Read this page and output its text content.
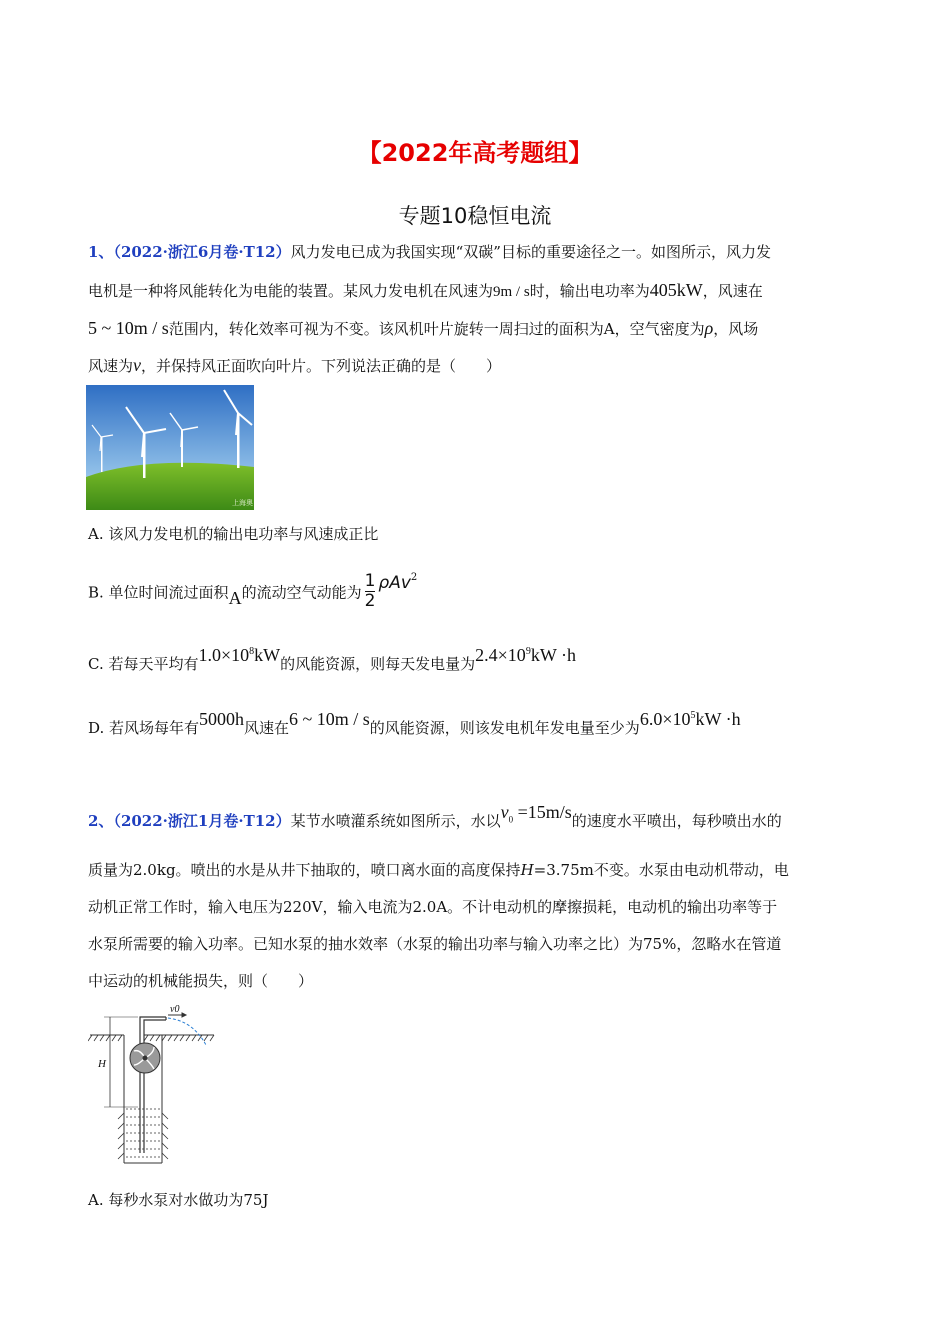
【2022年高考题组】
专题10稳恒电流
1、（2022·浙江6月卷·T12）风力发电已成为我国实现“双碳”目标的重要途径之一。如图所示，风力发
电机是一种将风能转化为电能的装置。某风力发电机在风速为9m / s时，输出电功率为405kW，风速在
5 ~ 10m / s范围内，转化效率可视为不变。该风机叶片旋转一周扫过的面积为A，空气密度为ρ，风场
风速为v，并保持风正面吹向叶片。下列说法正确的是（　　）
上海奥
A. 该风力发电机的输出电功率与风速成正比
B. 单位时间流过面积A的流动空气动能为 $\frac{1}{2} \rho Av^2$
C. 若每天平均有$1.0\times 10^8kW$的风能资源，则每天发电量为$2.4\times 10^9kW \cdot h$
D. 若风场每年有5000h风速在6 ~ 10m / s的风能资源，则该发电机年发电量至少为$6.0\times 10^5kW \cdot h$
2、（2022·浙江1月卷·T12）某节水喷灌系统如图所示，水以$v_0 =15m/s$的速度水平喷出，每秒喷出水的
质量为2.0kg。喷出的水是从井下抽取的，喷口离水面的高度保持H=3.75m不变。水泵由电动机带动，电
动机正常工作时，输入电压为220V，输入电流为2.0A。不计电动机的摩擦损耗，电动机的输出功率等于
水泵所需要的输入功率。已知水泵的抽水效率（水泵的输出功率与输入功率之比）为75%，忽略水在管道
中运动的机械能损失，则（　　）
v0
H
A. 每秒水泵对水做功为75J
